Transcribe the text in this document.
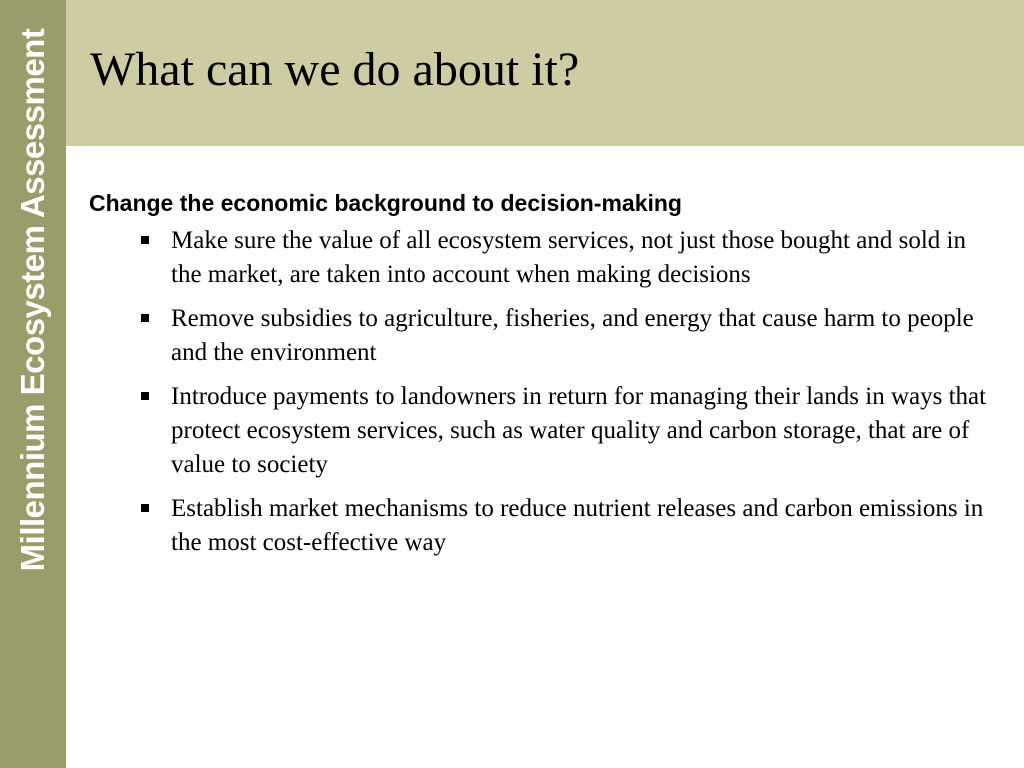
Millennium Ecosystem Assessment What can we do about it?
Change the economic background to decision-making
Make sure the value of all ecosystem services, not just those bought and sold in the market, are taken into account when making decisions
Remove subsidies to agriculture, fisheries, and energy that cause harm to people and the environment
Introduce payments to landowners in return for managing their lands in ways that protect ecosystem services, such as water quality and carbon storage, that are of value to society
Establish market mechanisms to reduce nutrient releases and carbon emissions in the most cost-effective way
